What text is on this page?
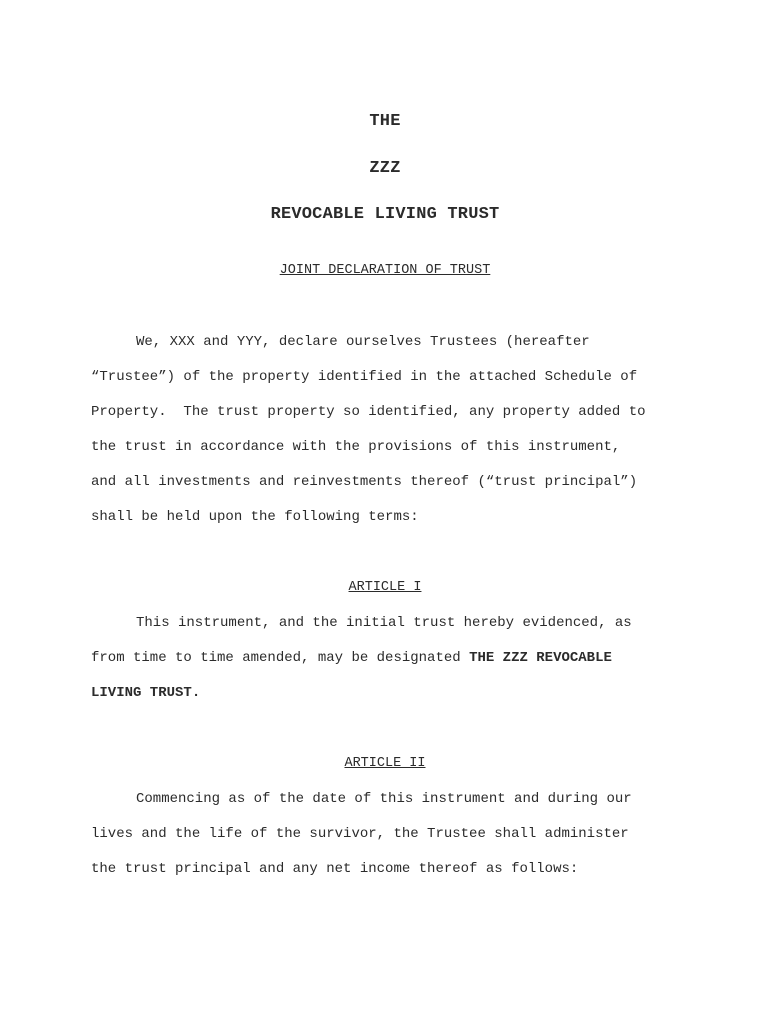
THE
ZZZ
REVOCABLE LIVING TRUST
JOINT DECLARATION OF TRUST
We, XXX and YYY, declare ourselves Trustees (hereafter
“Trustee”) of the property identified in the attached Schedule of
Property.  The trust property so identified, any property added to
the trust in accordance with the provisions of this instrument,
and all investments and reinvestments thereof (“trust principal”)
shall be held upon the following terms:
ARTICLE I
This instrument, and the initial trust hereby evidenced, as
from time to time amended, may be designated THE ZZZ REVOCABLE
LIVING TRUST.
ARTICLE II
Commencing as of the date of this instrument and during our
lives and the life of the survivor, the Trustee shall administer
the trust principal and any net income thereof as follows:
